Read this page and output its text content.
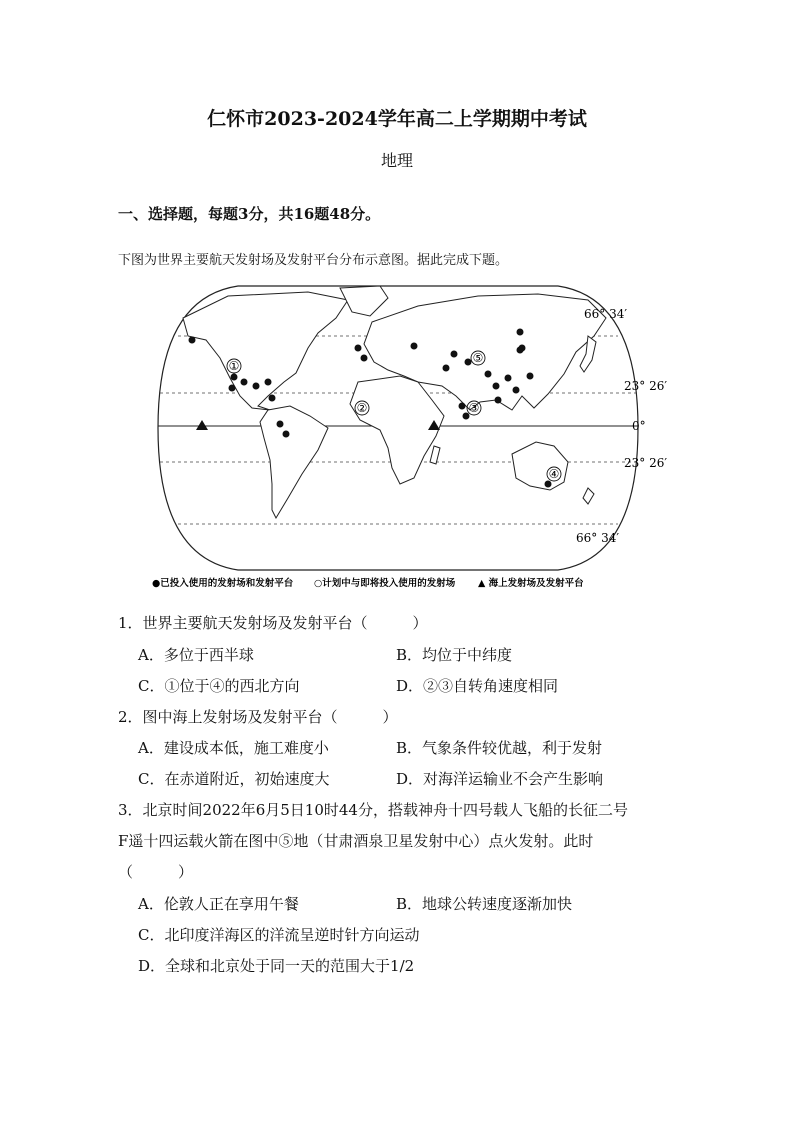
仁怀市2023-2024学年高二上学期期中考试
地理
一、选择题，每题3分，共16题48分。
下图为世界主要航天发射场及发射平台分布示意图。据此完成下题。
①
②	③
④
⑤
66° 34′
23° 26′
0°
23° 26′
66° 34′
●已投入使用的发射场和发射平台 ○计划中与即将投入使用的发射场 ▲ 海上发射场及发射平台
1．世界主要航天发射场及发射平台（　　　）
A．多位于西半球	B．均位于中纬度
C．①位于④的西北方向	D．②③自转角速度相同
2．图中海上发射场及发射平台（　　　）
A．建设成本低，施工难度小	B．气象条件较优越，利于发射
C．在赤道附近，初始速度大	D．对海洋运输业不会产生影响
3．北京时间2022年6月5日10时44分，搭载神舟十四号载人飞船的长征二号
F遥十四运载火箭在图中⑤地（甘肃酒泉卫星发射中心）点火发射。此时
（　　　）
A．伦敦人正在享用午餐	B．地球公转速度逐渐加快
C．北印度洋海区的洋流呈逆时针方向运动
D．全球和北京处于同一天的范围大于1/2
